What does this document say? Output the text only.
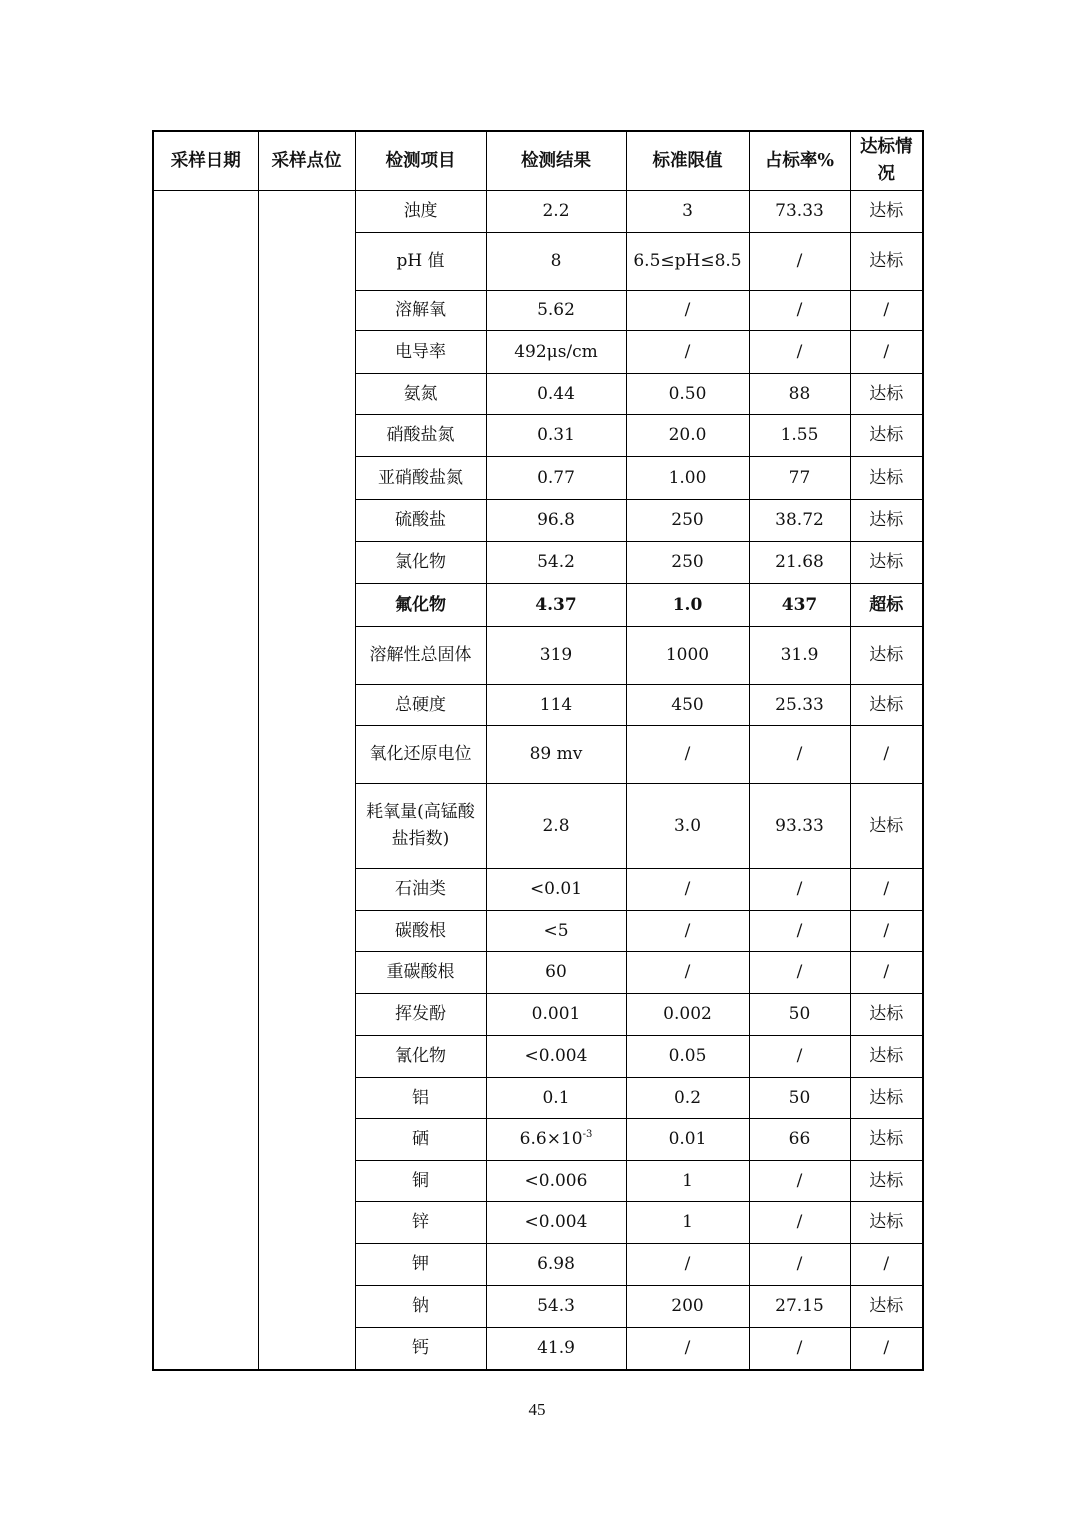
采样日期	采样点位	检测项目	检测结果	标准限值	占标率%	达标情况
		浊度	2.2	3	73.33	达标
		pH 值	8	6.5≤pH≤8.5	/	达标
		溶解氧	5.62	/	/	/
		电导率	492μs/cm	/	/	/
		氨氮	0.44	0.50	88	达标
		硝酸盐氮	0.31	20.0	1.55	达标
		亚硝酸盐氮	0.77	1.00	77	达标
		硫酸盐	96.8	250	38.72	达标
		氯化物	54.2	250	21.68	达标
		氟化物	4.37	1.0	437	超标
		溶解性总固体	319	1000	31.9	达标
		总硬度	114	450	25.33	达标
		氧化还原电位	89 mv	/	/	/
		耗氧量(高锰酸盐指数)	2.8	3.0	93.33	达标
		石油类	<0.01	/	/	/
		碳酸根	<5	/	/	/
		重碳酸根	60	/	/	/
		挥发酚	0.001	0.002	50	达标
		氰化物	<0.004	0.05	/	达标
		铝	0.1	0.2	50	达标
		硒	$6.6\times 10^{-3}$	0.01	66	达标
		铜	<0.006	1	/	达标
		锌	<0.004	1	/	达标
		钾	6.98	/	/	/
		钠	54.3	200	27.15	达标
		钙	41.9	/	/	/
45
